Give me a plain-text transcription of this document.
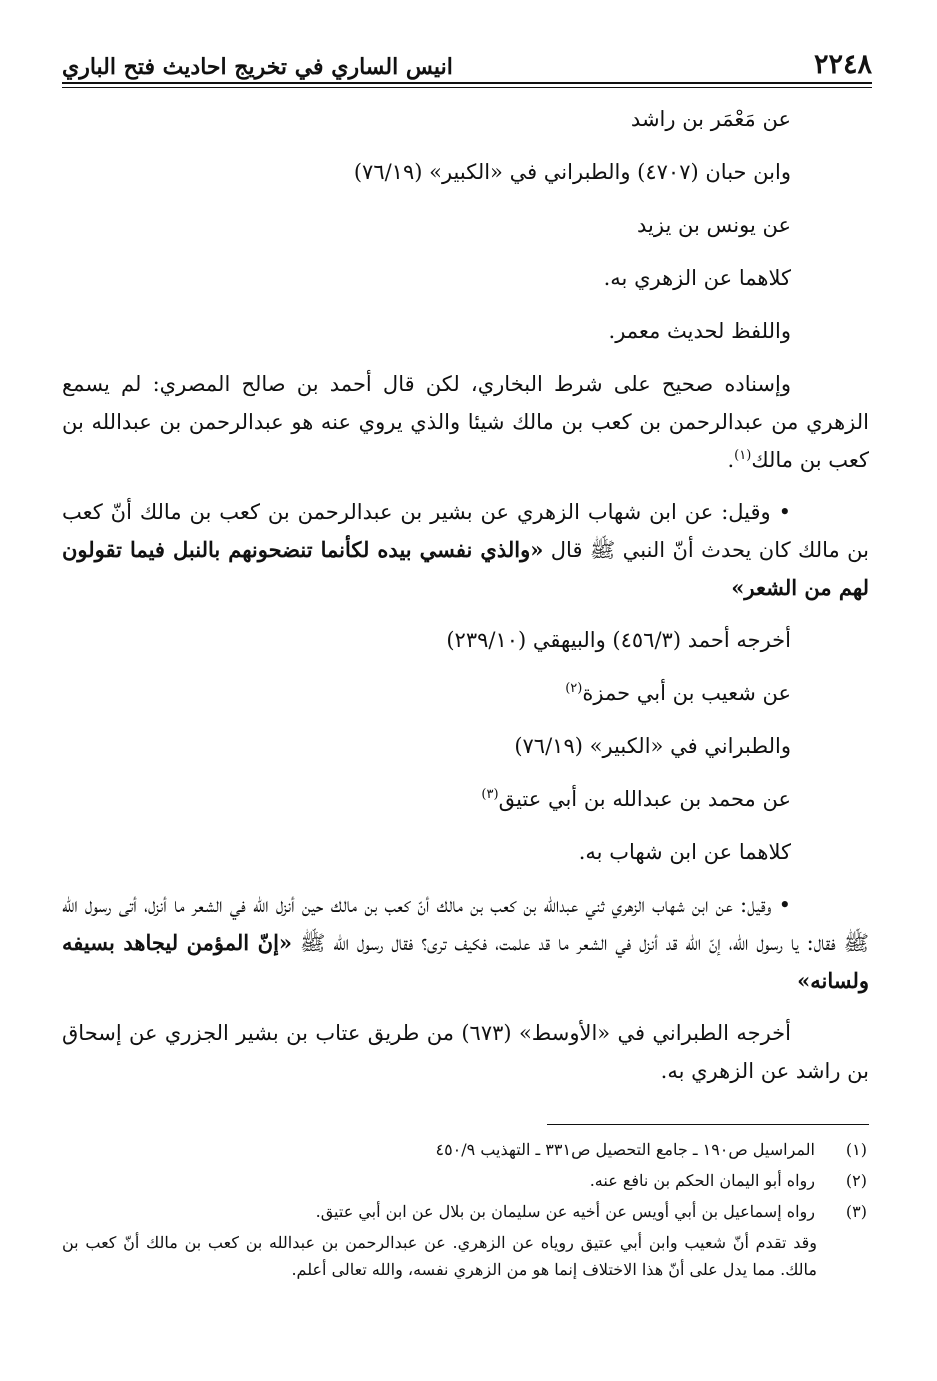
٢٢٤٨
انيس الساري في تخريج احاديث فتح الباري
عن مَعْمَر بن راشد
وابن حبان (٤٧٠٧) والطبراني في «الكبير» (٧٦/١٩)
عن يونس بن يزيد
كلاهما عن الزهري به.
واللفظ لحديث معمر.

وإسناده صحيح على شرط البخاري، لكن قال أحمد بن صالح المصري: لم يسمع الزهري من عبدالرحمن بن كعب بن مالك شيئا والذي يروي عنه هو عبدالرحمن بن عبدالله بن كعب بن مالك$^{(١)}$.

• وقيل: عن ابن شهاب الزهري عن بشير بن عبدالرحمن بن كعب بن مالك أنّ كعب بن مالك كان يحدث أنّ النبي ﷺ قال «والذي نفسي بيده لكأنما تنضحونهم بالنبل فيما تقولون لهم من الشعر»

أخرجه أحمد (٤٥٦/٣) والبيهقي (٢٣٩/١٠)
عن شعيب بن أبي حمزة$^{(٢)}$
والطبراني في «الكبير» (٧٦/١٩)
عن محمد بن عبدالله بن أبي عتيق$^{(٣)}$
كلاهما عن ابن شهاب به.

• وقيل: عن ابن شهاب الزهري ثني عبدالله بن كعب بن مالك أنّ كعب بن مالك حين أنزل الله في الشعر ما أنزل، أتى رسول الله ﷺ فقال: يا رسول الله، إنّ الله قد أنزل في الشعر ما قد علمت، فكيف ترى؟ فقال رسول الله ﷺ «إنّ المؤمن ليجاهد بسيفه ولسانه»

أخرجه الطبراني في «الأوسط» (٦٧٣) من طريق عتاب بن بشير الجزري عن إسحاق بن راشد عن الزهري به.

(١)
المراسيل ص١٩٠ ـ جامع التحصيل ص٣٣١ ـ التهذيب ٤٥٠/٩
(٢)
رواه أبو اليمان الحكم بن نافع عنه.
(٣)
رواه إسماعيل بن أبي أويس عن أخيه عن سليمان بن بلال عن ابن أبي عتيق.
وقد تقدم أنّ شعيب وابن أبي عتيق روياه عن الزهري. عن عبدالرحمن بن عبدالله بن كعب بن مالك أنّ كعب بن مالك. مما يدل على أنّ هذا الاختلاف إنما هو من الزهري نفسه، والله تعالى أعلم.
